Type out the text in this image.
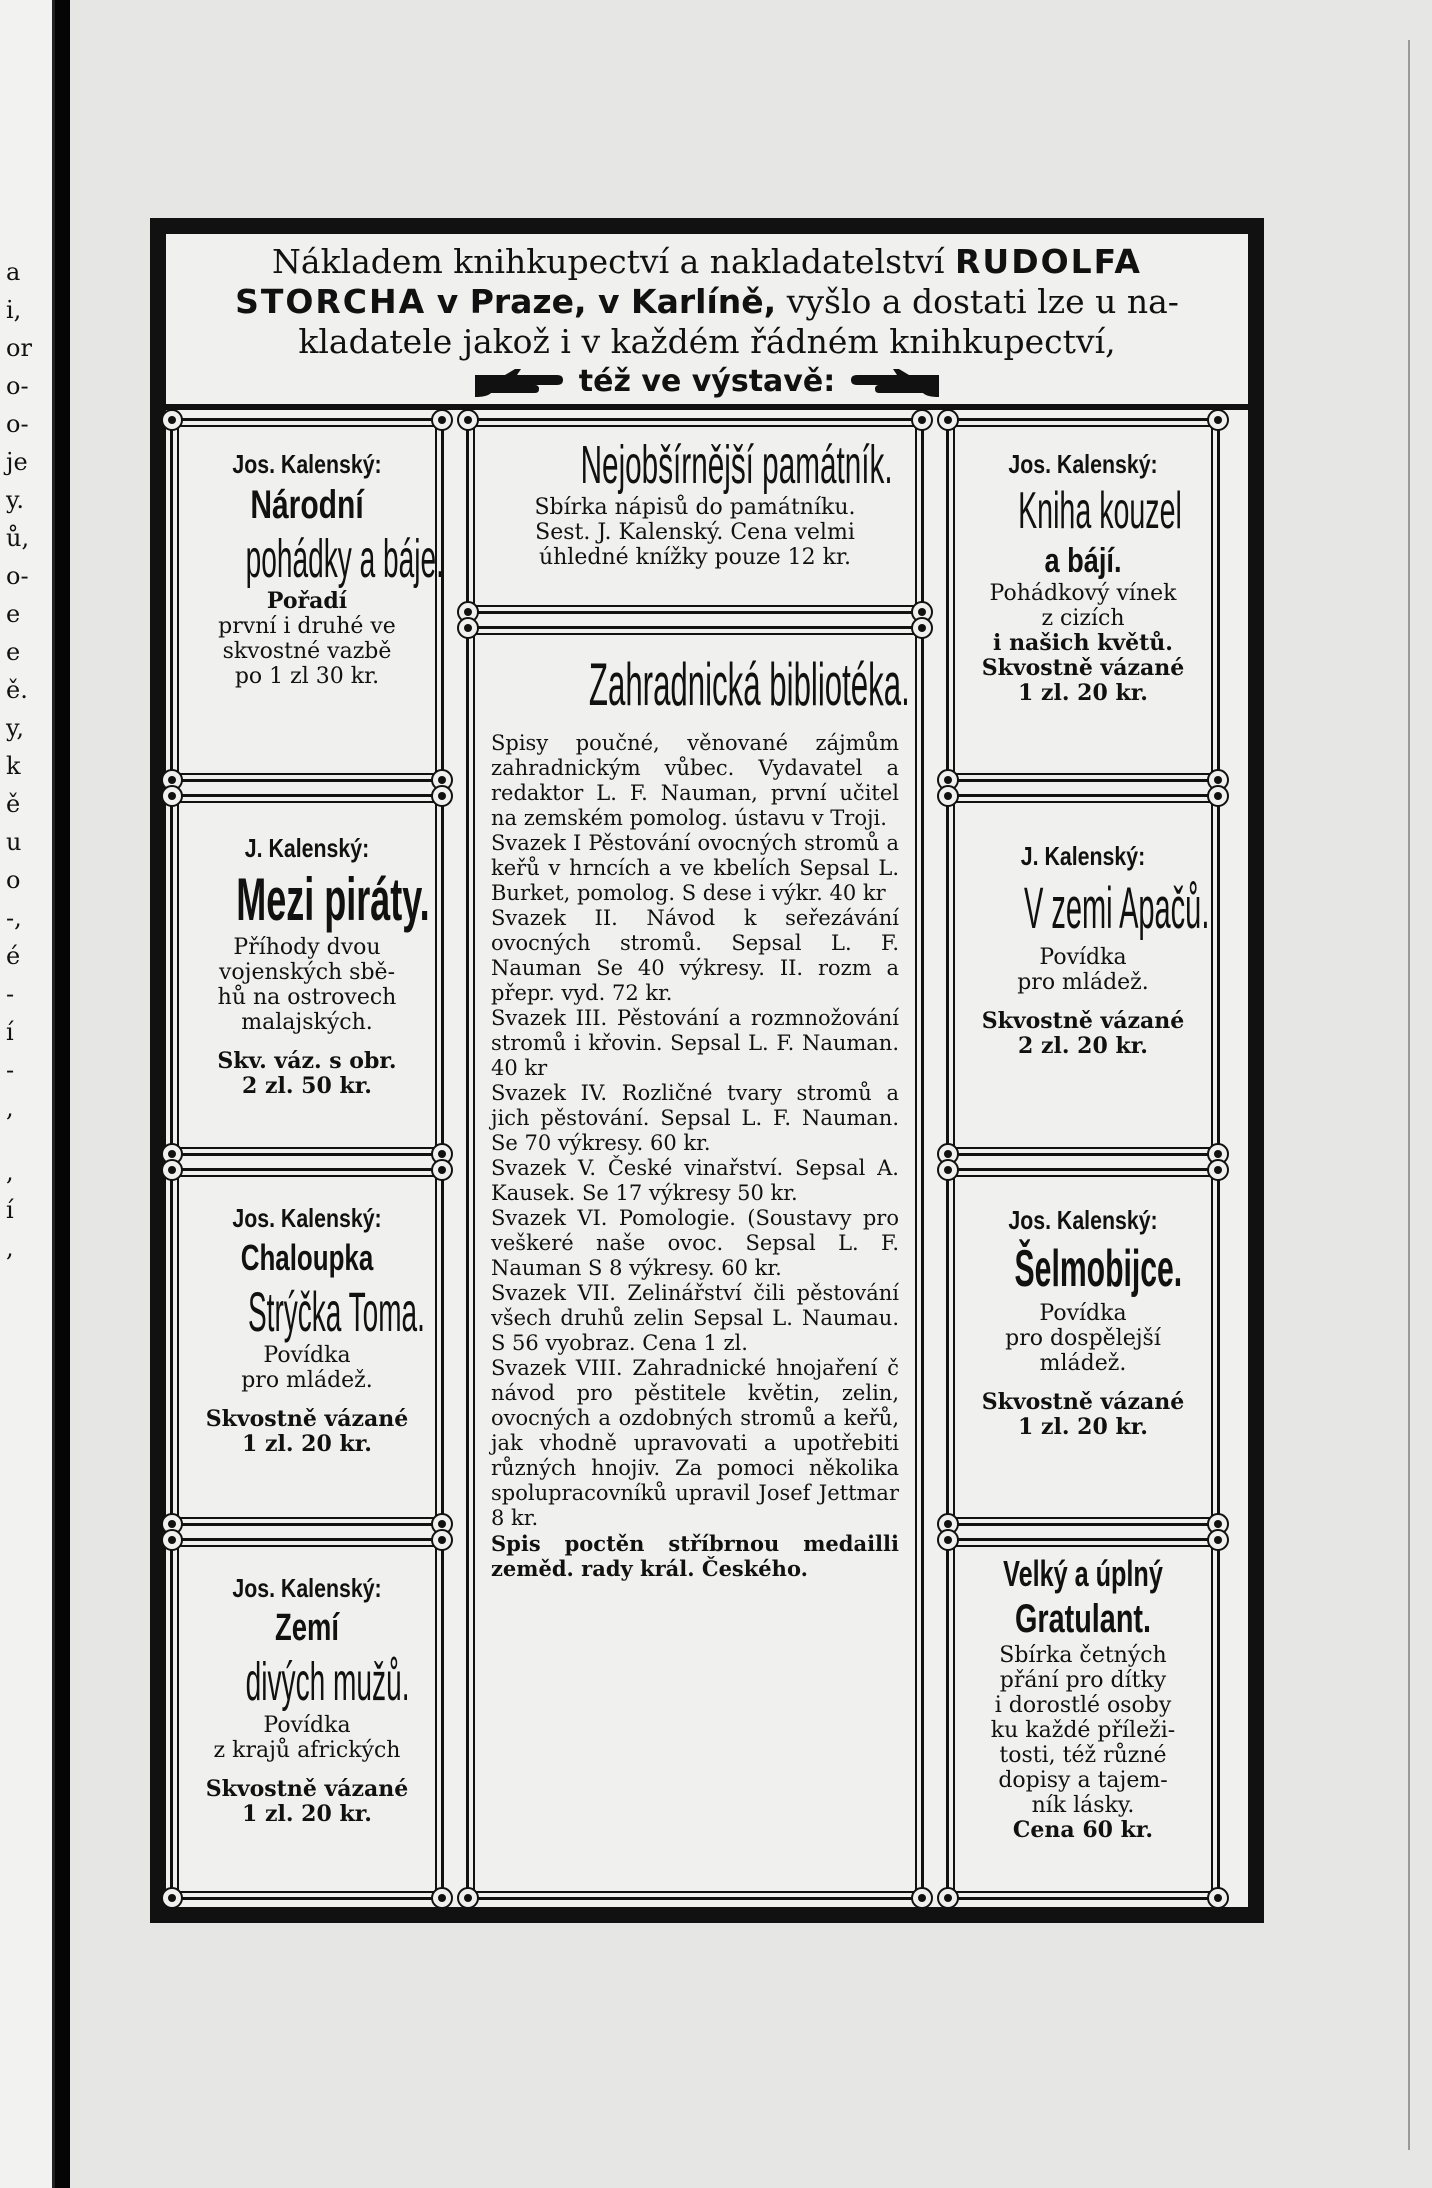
a
i,
or
o-
o-
je
y.
ů,
o-
e
e
ě.
y,
k
ě
u
o
-,
é
-
í
-
,
,
í
,
Nákladem knihkupectví a nakladatelství RUDOLFA
STORCHA v Praze, v Karlíně, vyšlo a dostati lze u na-
kladatele jakož i v každém řádném knihkupectví,
též ve výstavě:
Jos. Kalenský:
Národní
pohádky a báje.
Pořadí
první i druhé ve
skvostné vazbě
po 1 zl 30 kr.
J. Kalenský:
Mezi piráty.
Příhody dvou
vojenských sbě-
hů na ostrovech
malajských.
Skv. váz. s obr.
2 zl. 50 kr.
Jos. Kalenský:
Chaloupka
Strýčka Toma.
Povídka
pro mládež.
Skvostně vázané
1 zl. 20 kr.
Jos. Kalenský:
Zemí
divých mužů.
Povídka
z krajů afrických
Skvostně vázané
1 zl. 20 kr.
Nejobšírnější památník.
Sbírka nápisů do památníku.
Sest. J. Kalenský. Cena velmi
úhledné knížky pouze 12 kr.
Zahradnická bibliotéka.
Spisy poučné, věnované zájmům zahradnickým vůbec. Vydavatel a redaktor L. F. Nauman, první učitel na zemském pomolog. ústavu v Troji.
Svazek I Pěstování ovocných stromů a keřů v hrncích a ve kbelích Sepsal L. Burket, pomolog. S dese i výkr. 40 kr
Svazek II. Návod k seřezávání ovocných stromů. Sepsal L. F. Nauman Se 40 výkresy. II. rozm a přepr. vyd. 72 kr.
Svazek III. Pěstování a rozmnožování stromů i křovin. Sepsal L. F. Nauman. 40 kr
Svazek IV. Rozličné tvary stromů a jich pěstování. Sepsal L. F. Nauman. Se 70 výkresy. 60 kr.
Svazek V. České vinařství. Sepsal A. Kausek. Se 17 výkresy 50 kr.
Svazek VI. Pomologie. (Soustavy pro veškeré naše ovoc. Sepsal L. F. Nauman S 8 výkresy. 60 kr.
Svazek VII. Zelinářství čili pěstování všech druhů zelin Sepsal L. Naumau. S 56 vyobraz. Cena 1 zl.
Svazek VIII. Zahradnické hnojaření č návod pro pěstitele květin, zelin, ovocných a ozdobných stromů a keřů, jak vhodně upravovati a upotřebiti různých hnojiv. Za pomoci několika spolupracovníků upravil Josef Jettmar 8 kr.
Spis poctěn stříbrnou medailli zeměd. rady král. Českého.
Jos. Kalenský:
Kniha kouzel
a bájí.
Pohádkový vínek
z cizích
i našich květů.
Skvostně vázané
1 zl. 20 kr.
J. Kalenský:
V zemi Apačů.
Povídka
pro mládež.
Skvostně vázané
2 zl. 20 kr.
Jos. Kalenský:
Šelmobijce.
Povídka
pro dospělejší
mládež.
Skvostně vázané
1 zl. 20 kr.
Velký a úplný
Gratulant.
Sbírka četných
přání pro dítky
i dorostlé osoby
ku každé příleži-
tosti, též různé
dopisy a tajem-
ník lásky.
Cena 60 kr.
